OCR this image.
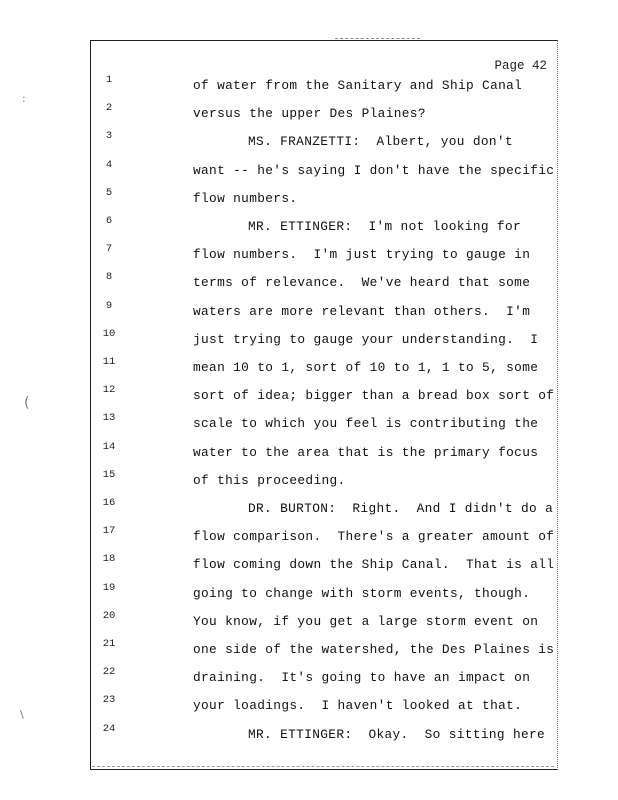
:
(
\
Page 42
1	of water from the Sanitary and Ship Canal
2	versus the upper Des Plaines?
3	MS. FRANZETTI:  Albert, you don't
4	want -- he's saying I don't have the specific
5	flow numbers.
6	MR. ETTINGER:  I'm not looking for
7	flow numbers.  I'm just trying to gauge in
8	terms of relevance.  We've heard that some
9	waters are more relevant than others.  I'm
10	just trying to gauge your understanding.  I
11	mean 10 to 1, sort of 10 to 1, 1 to 5, some
12	sort of idea; bigger than a bread box sort of
13	scale to which you feel is contributing the
14	water to the area that is the primary focus
15	of this proceeding.
16	DR. BURTON:  Right.  And I didn't do a
17	flow comparison.  There's a greater amount of
18	flow coming down the Ship Canal.  That is all
19	going to change with storm events, though.
20	You know, if you get a large storm event on
21	one side of the watershed, the Des Plaines is
22	draining.  It's going to have an impact on
23	your loadings.  I haven't looked at that.
24	MR. ETTINGER:  Okay.  So sitting here
